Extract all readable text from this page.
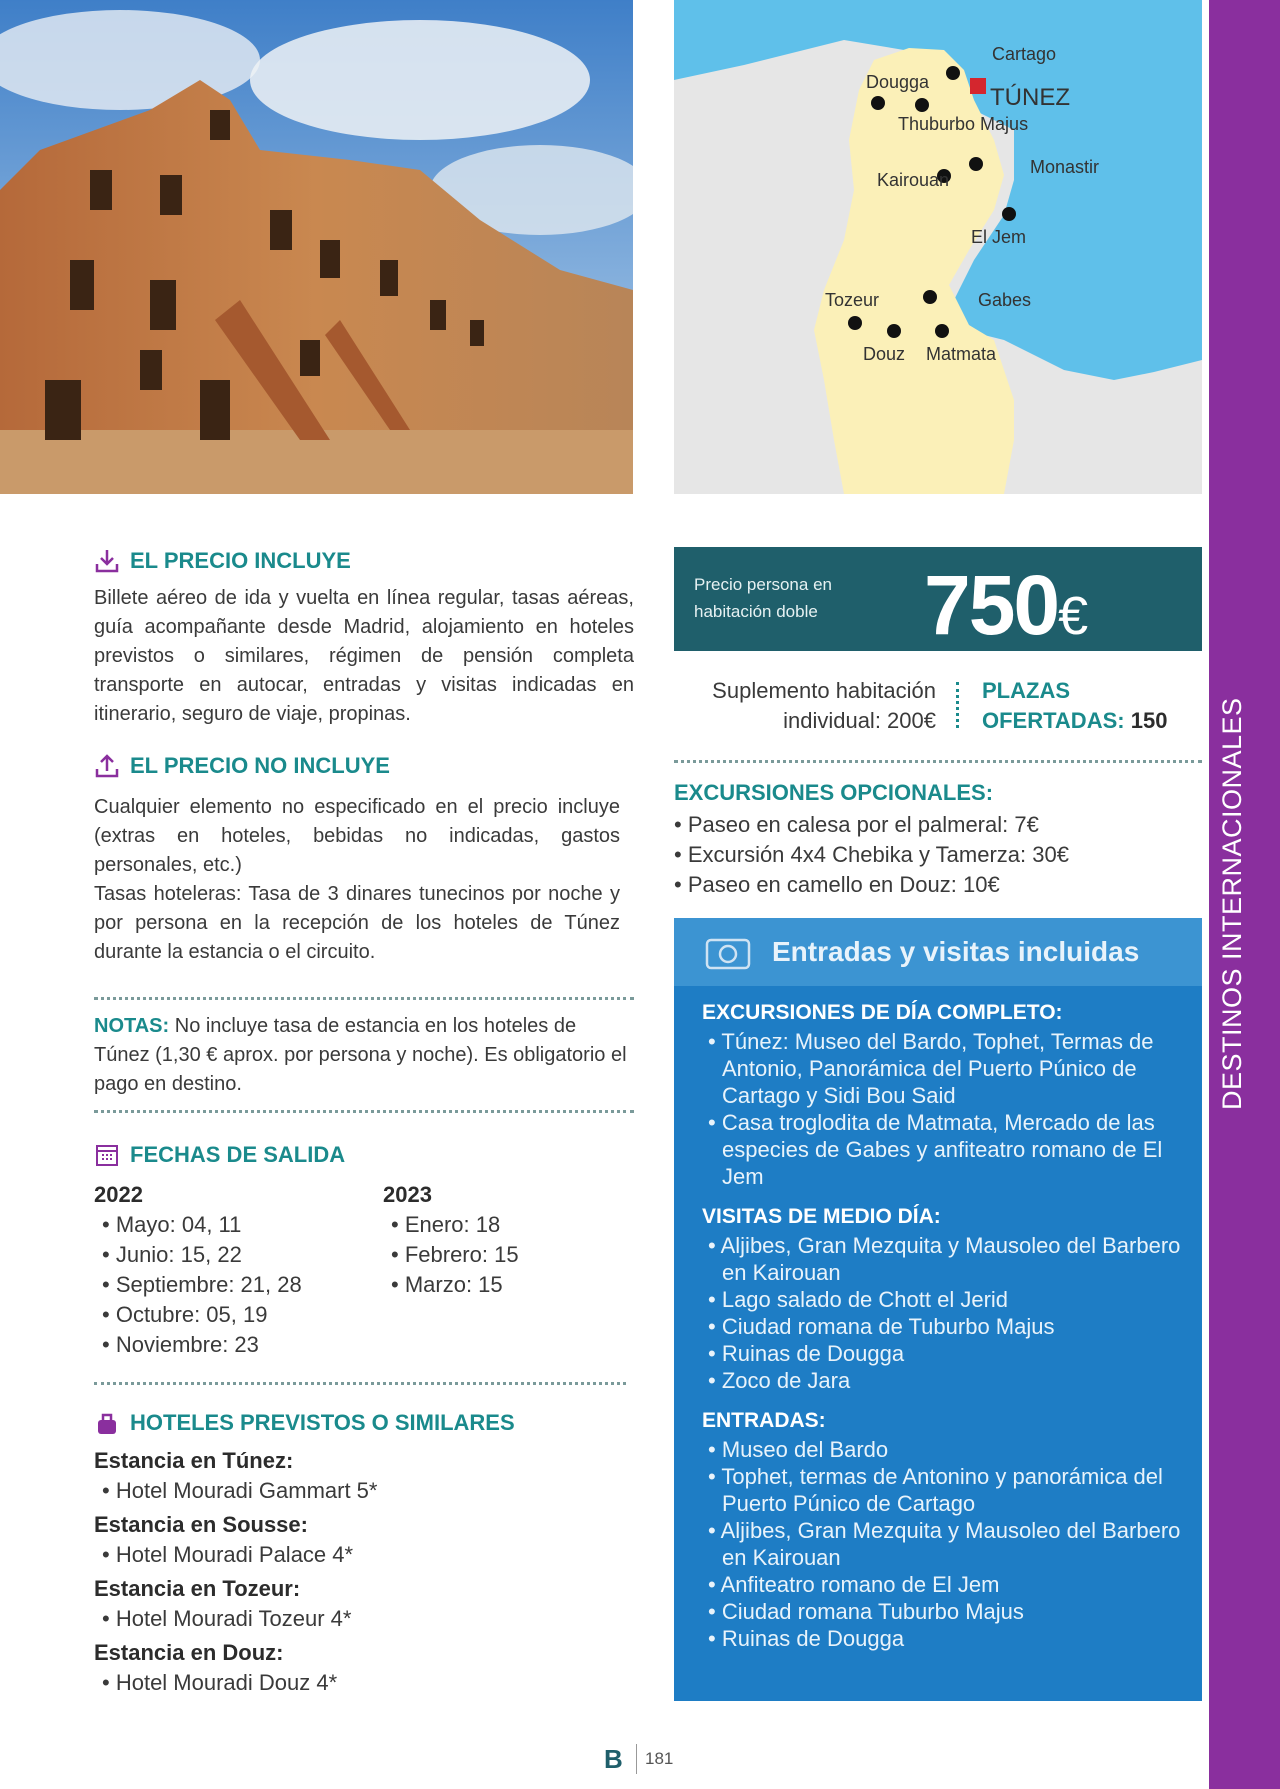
Cartago
Dougga
TÚNEZ
Thuburbo Majus
Kairouan
Monastir
El Jem
Tozeur	Gabes
Douz Matmata
DESTINOS INTERNACIONALES
EL PRECIO INCLUYE
Billete aéreo de ida y vuelta en línea regular, tasas aéreas, guía acompañante desde Madrid, alojamiento en hoteles previstos o similares, régimen de pensión completa transporte en autocar, entradas y visitas indicadas en itinerario, seguro de viaje, propinas.
EL PRECIO NO INCLUYE
Cualquier elemento no especificado en el precio incluye (extras en hoteles, bebidas no indicadas, gastos personales, etc.)
Tasas hoteleras: Tasa de 3 dinares tunecinos por noche y por persona en la recepción de los hoteles de Túnez durante la estancia o el circuito.
NOTAS: No incluye tasa de estancia en los hoteles de Túnez (1,30 € aprox. por persona y noche). Es obligatorio el pago en destino.
FECHAS DE SALIDA
2022
• Mayo: 04, 11
• Junio: 15, 22
• Septiembre: 21, 28
• Octubre: 05, 19
• Noviembre: 23
2023
• Enero: 18
• Febrero: 15
• Marzo: 15
HOTELES PREVISTOS O SIMILARES
Estancia en Túnez:
• Hotel Mouradi Gammart 5*
Estancia en Sousse:
• Hotel Mouradi Palace 4*
Estancia en Tozeur:
• Hotel Mouradi Tozeur 4*
Estancia en Douz:
• Hotel Mouradi Douz 4*
Precio persona en
habitación doble 750€
Suplemento habitación
individual: 200€
PLAZAS
OFERTADAS: 150
EXCURSIONES OPCIONALES:
• Paseo en calesa por el palmeral: 7€
• Excursión 4x4 Chebika y Tamerza: 30€
• Paseo en camello en Douz: 10€
Entradas y visitas incluidas
EXCURSIONES DE DÍA COMPLETO:
• Túnez: Museo del Bardo, Tophet, Termas de Antonio, Panorámica del Puerto Púnico de Cartago y Sidi Bou Said
• Casa troglodita de Matmata, Mercado de las especies de Gabes y anfiteatro romano de El Jem
VISITAS DE MEDIO DÍA:
• Aljibes, Gran Mezquita y Mausoleo del Barbero en Kairouan
• Lago salado de Chott el Jerid
• Ciudad romana de Tuburbo Majus
• Ruinas de Dougga
• Zoco de Jara
ENTRADAS:
• Museo del Bardo
• Tophet, termas de Antonino y panorámica del Puerto Púnico de Cartago
• Aljibes, Gran Mezquita y Mausoleo del Barbero en Kairouan
• Anfiteatro romano de El Jem
• Ciudad romana Tuburbo Majus
• Ruinas de Dougga
B 181
